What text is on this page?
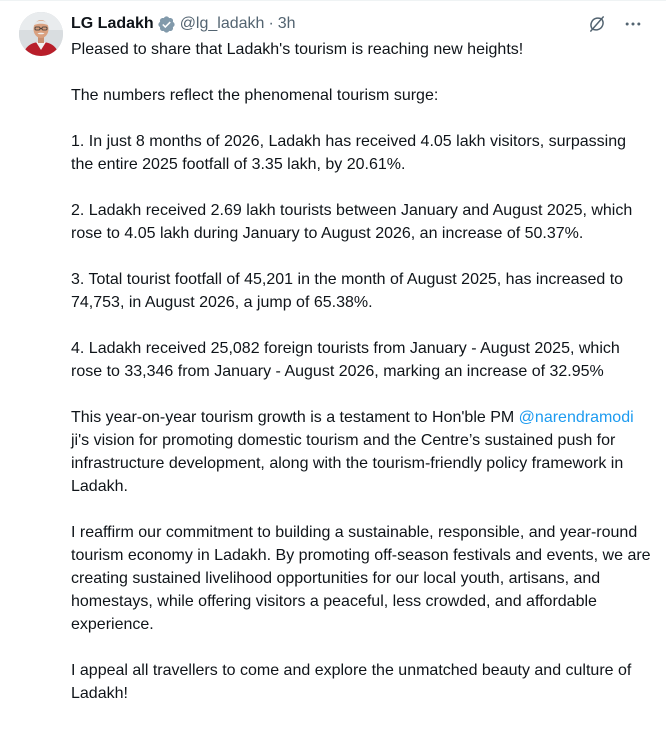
LG Ladakh @lg_ladakh · 3h

Pleased to share that Ladakh's tourism is reaching new heights!

The numbers reflect the phenomenal tourism surge:

1. In just 8 months of 2026, Ladakh has received 4.05 lakh visitors, surpassing the entire 2025 footfall of 3.35 lakh, by 20.61%.

2. Ladakh received 2.69 lakh tourists between January and August 2025, which rose to 4.05 lakh during January to August 2026, an increase of 50.37%.

3. Total tourist footfall of 45,201 in the month of August 2025, has increased to 74,753, in August 2026, a jump of 65.38%.

4. Ladakh received 25,082 foreign tourists from January - August 2025, which rose to 33,346 from January - August 2026, marking an increase of 32.95%

This year-on-year tourism growth is a testament to Hon'ble PM @narendramodi ji's vision for promoting domestic tourism and the Centre’s sustained push for infrastructure development, along with the tourism-friendly policy framework in Ladakh.

I reaffirm our commitment to building a sustainable, responsible, and year-round tourism economy in Ladakh. By promoting off-season festivals and events, we are creating sustained livelihood opportunities for our local youth, artisans, and homestays, while offering visitors a peaceful, less crowded, and affordable experience.

I appeal all travellers to come and explore the unmatched beauty and culture of Ladakh!
